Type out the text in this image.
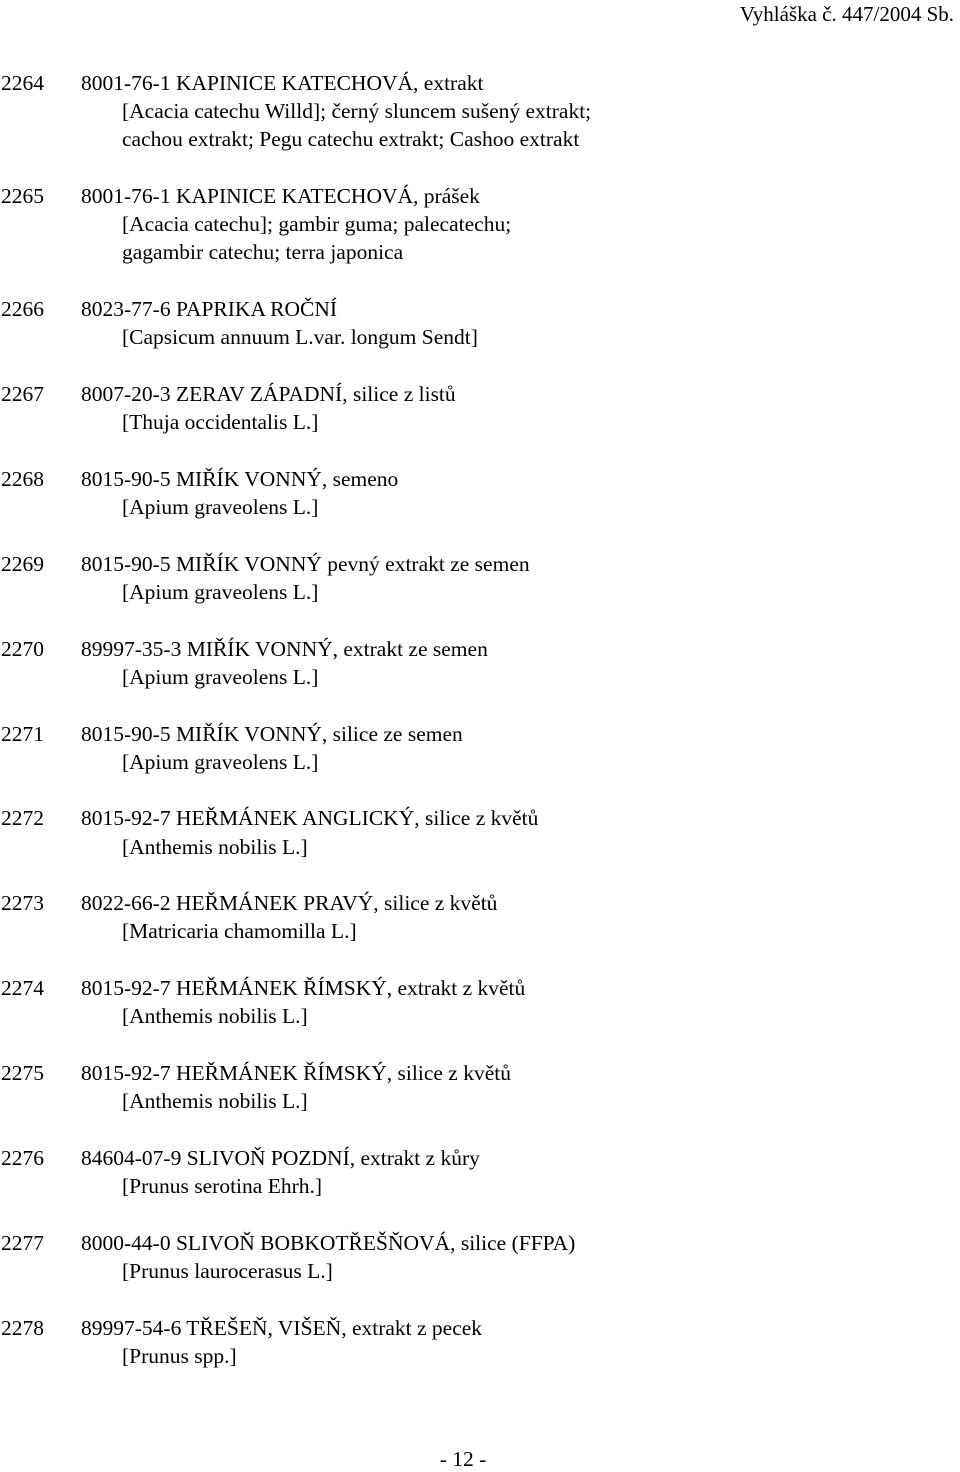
Vyhláška č. 447/2004 Sb.
2264 8001-76-1 KAPINICE KATECHOVÁ, extrakt
[Acacia catechu Willd]; černý sluncem sušený extrakt;
cachou extrakt; Pegu catechu extrakt; Cashoo extrakt
2265 8001-76-1 KAPINICE KATECHOVÁ, prášek
[Acacia catechu]; gambir guma; palecatechu;
gagambir catechu; terra japonica
2266 8023-77-6 PAPRIKA ROČNÍ
[Capsicum annuum L.var. longum Sendt]
2267 8007-20-3 ZERAV ZÁPADNÍ, silice z listů
[Thuja occidentalis L.]
2268 8015-90-5 MIŘÍK VONNÝ, semeno
[Apium graveolens L.]
2269 8015-90-5 MIŘÍK VONNÝ pevný extrakt ze semen
[Apium graveolens L.]
2270 89997-35-3 MIŘÍK VONNÝ, extrakt ze semen
[Apium graveolens L.]
2271 8015-90-5 MIŘÍK VONNÝ, silice ze semen
[Apium graveolens L.]
2272 8015-92-7 HEŘMÁNEK ANGLICKÝ, silice z květů
[Anthemis nobilis L.]
2273 8022-66-2 HEŘMÁNEK PRAVÝ, silice z květů
[Matricaria chamomilla L.]
2274 8015-92-7 HEŘMÁNEK ŘÍMSKÝ, extrakt z květů
[Anthemis nobilis L.]
2275 8015-92-7 HEŘMÁNEK ŘÍMSKÝ, silice z květů
[Anthemis nobilis L.]
2276 84604-07-9 SLIVOŇ POZDNÍ, extrakt z kůry
[Prunus serotina Ehrh.]
2277 8000-44-0 SLIVOŇ BOBKOTŘEŠŇOVÁ, silice (FFPA)
[Prunus laurocerasus L.]
2278 89997-54-6 TŘEŠEŇ, VIŠEŇ, extrakt z pecek
[Prunus spp.]
- 12 -
